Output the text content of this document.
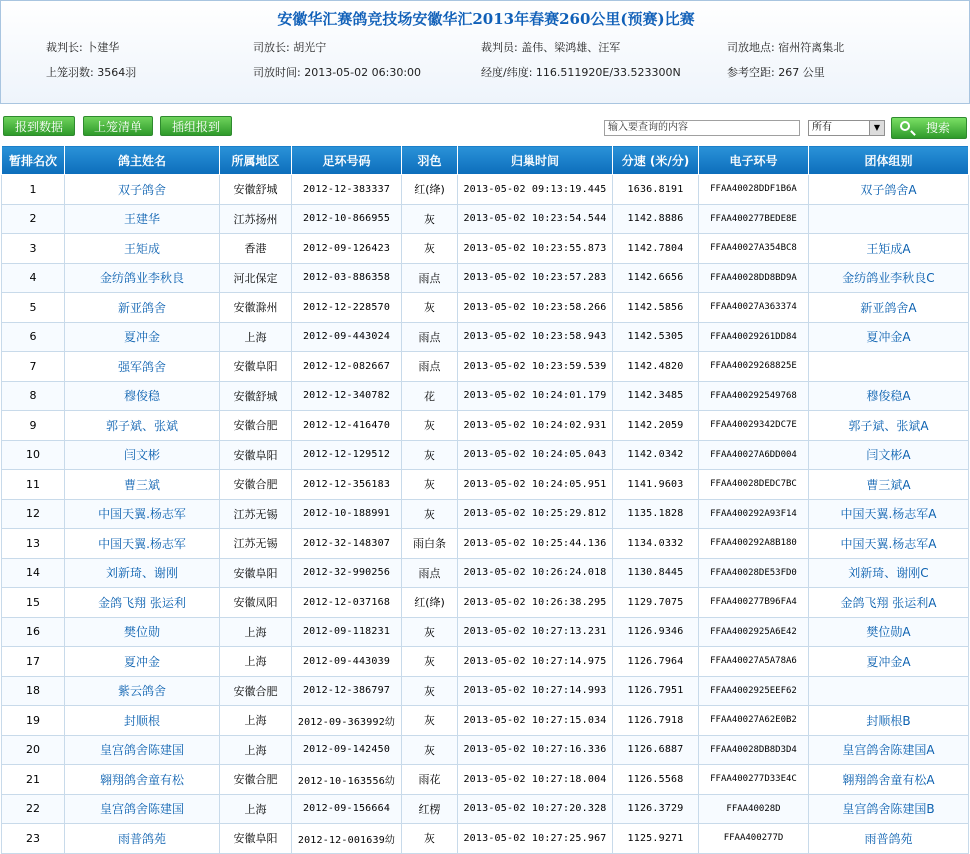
安徽华汇赛鸽竞技场安徽华汇2013年春赛260公里(预赛)比赛
裁判长: 卜建华	司放长: 胡光宁	裁判员: 盖伟、梁鸿雄、汪军	司放地点: 宿州符离集北
上笼羽数: 3564羽	司放时间: 2013-05-02 06:30:00	经度/纬度: 116.511920E/33.523300N	参考空距: 267 公里
报到数据	上笼清单	插组报到	输入要查询的内容	所有	▼	搜索
暂排名次	鸽主姓名	所属地区	足环号码	羽色	归巢时间	分速 (米/分)	电子环号	团体组别
1	双子鸽舍	安徽舒城	2012-12-383337	红(绛)	2013-05-02 09:13:19.445	1636.8191	FFAA40028DDF1B6A	双子鸽舍A
2	王建华	江苏扬州	2012-10-866955	灰	2013-05-02 10:23:54.544	1142.8886	FFAA400277BEDE8E	
3	王矩成	香港	2012-09-126423	灰	2013-05-02 10:23:55.873	1142.7804	FFAA40027A354BC8	王矩成A
4	金纺鸽业李秋良	河北保定	2012-03-886358	雨点	2013-05-02 10:23:57.283	1142.6656	FFAA40028DD8BD9A	金纺鸽业李秋良C
5	新亚鸽舍	安徽滁州	2012-12-228570	灰	2013-05-02 10:23:58.266	1142.5856	FFAA40027A363374	新亚鸽舍A
6	夏冲金	上海	2012-09-443024	雨点	2013-05-02 10:23:58.943	1142.5305	FFAA40029261DD84	夏冲金A
7	强军鸽舍	安徽阜阳	2012-12-082667	雨点	2013-05-02 10:23:59.539	1142.4820	FFAA40029268825E	
8	穆俊稳	安徽舒城	2012-12-340782	花	2013-05-02 10:24:01.179	1142.3485	FFAA400292549768	穆俊稳A
9	郭子斌、张斌	安徽合肥	2012-12-416470	灰	2013-05-02 10:24:02.931	1142.2059	FFAA40029342DC7E	郭子斌、张斌A
10	闫文彬	安徽阜阳	2012-12-129512	灰	2013-05-02 10:24:05.043	1142.0342	FFAA40027A6DD004	闫文彬A
11	曹三斌	安徽合肥	2012-12-356183	灰	2013-05-02 10:24:05.951	1141.9603	FFAA40028DEDC7BC	曹三斌A
12	中国天翼.杨志军	江苏无锡	2012-10-188991	灰	2013-05-02 10:25:29.812	1135.1828	FFAA400292A93F14	中国天翼.杨志军A
13	中国天翼.杨志军	江苏无锡	2012-32-148307	雨白条	2013-05-02 10:25:44.136	1134.0332	FFAA400292A8B180	中国天翼.杨志军A
14	刘新琦、谢刚	安徽阜阳	2012-32-990256	雨点	2013-05-02 10:26:24.018	1130.8445	FFAA40028DE53FD0	刘新琦、谢刚C
15	金鸽飞翔 张运利	安徽凤阳	2012-12-037168	红(绛)	2013-05-02 10:26:38.295	1129.7075	FFAA400277B96FA4	金鸽飞翔 张运利A
16	樊位勋	上海	2012-09-118231	灰	2013-05-02 10:27:13.231	1126.9346	FFAA4002925A6E42	樊位勋A
17	夏冲金	上海	2012-09-443039	灰	2013-05-02 10:27:14.975	1126.7964	FFAA40027A5A78A6	夏冲金A
18	紫云鸽舍	安徽合肥	2012-12-386797	灰	2013-05-02 10:27:14.993	1126.7951	FFAA4002925EEF62	
19	封顺根	上海	2012-09-363992幼	灰	2013-05-02 10:27:15.034	1126.7918	FFAA40027A62E0B2	封顺根B
20	皇宫鸽舍陈建国	上海	2012-09-142450	灰	2013-05-02 10:27:16.336	1126.6887	FFAA40028DB8D3D4	皇宫鸽舍陈建国A
21	翱翔鸽舍童有松	安徽合肥	2012-10-163556幼	雨花	2013-05-02 10:27:18.004	1126.5568	FFAA400277D33E4C	翱翔鸽舍童有松A
22	皇宫鸽舍陈建国	上海	2012-09-156664	红楞	2013-05-02 10:27:20.328	1126.3729	FFAA40028D	皇宫鸽舍陈建国B
23	雨普鸽苑	安徽阜阳	2012-12-001639幼	灰	2013-05-02 10:27:25.967	1125.9271	FFAA400277D	雨普鸽苑
